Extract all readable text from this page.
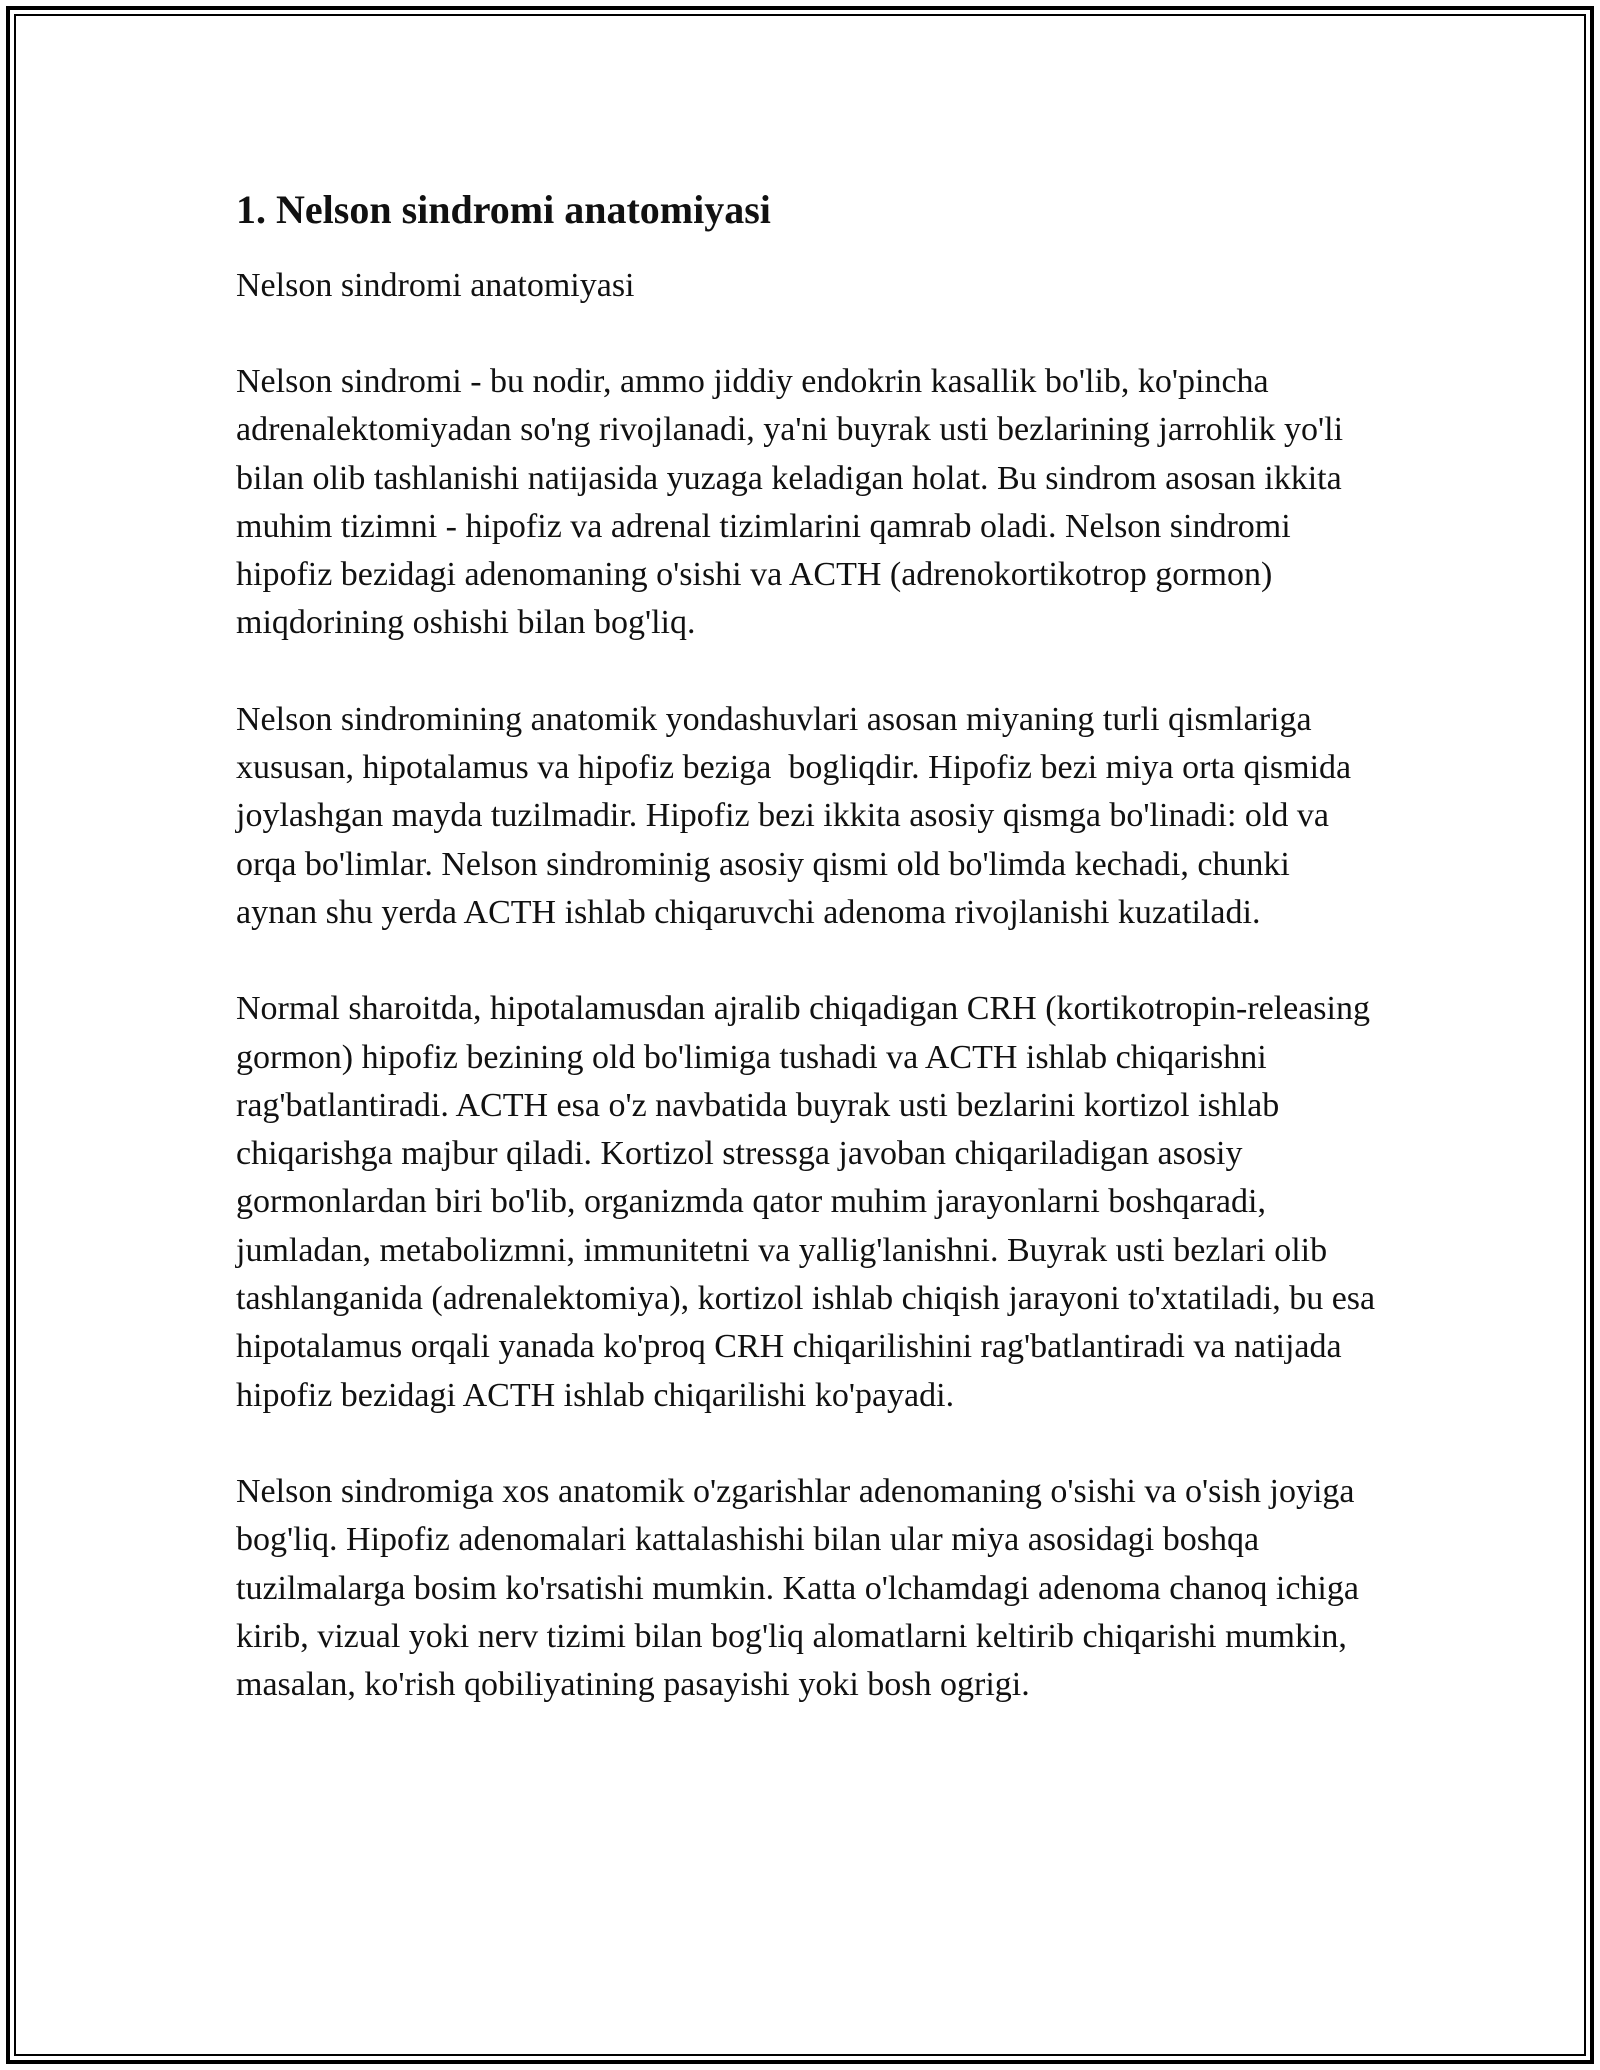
1. Nelson sindromi anatomiyasi

Nelson sindromi anatomiyasi

Nelson sindromi - bu nodir, ammo jiddiy endokrin kasallik bo'lib, ko'pincha adrenalektomiyadan so'ng rivojlanadi, ya'ni buyrak usti bezlarining jarrohlik yo'li bilan olib tashlanishi natijasida yuzaga keladigan holat. Bu sindrom asosan ikkita muhim tizimni - hipofiz va adrenal tizimlarini qamrab oladi. Nelson sindromi hipofiz bezidagi adenomaning o'sishi va ACTH (adrenokortikotrop gormon) miqdorining oshishi bilan bog'liq.

Nelson sindromining anatomik yondashuvlari asosan miyaning turli qismlariga  xususan, hipotalamus va hipofiz beziga  bogliqdir. Hipofiz bezi miya orta qismida joylashgan mayda tuzilmadir. Hipofiz bezi ikkita asosiy qismga bo'linadi: old va orqa bo'limlar. Nelson sindrominig asosiy qismi old bo'limda kechadi, chunki aynan shu yerda ACTH ishlab chiqaruvchi adenoma rivojlanishi kuzatiladi.

Normal sharoitda, hipotalamusdan ajralib chiqadigan CRH (kortikotropin-releasing gormon) hipofiz bezining old bo'limiga tushadi va ACTH ishlab chiqarishni rag'batlantiradi. ACTH esa o'z navbatida buyrak usti bezlarini kortizol ishlab chiqarishga majbur qiladi. Kortizol stressga javoban chiqariladigan asosiy gormonlardan biri bo'lib, organizmda qator muhim jarayonlarni boshqaradi, jumladan, metabolizmni, immunitetni va yallig'lanishni. Buyrak usti bezlari olib tashlanganida (adrenalektomiya), kortizol ishlab chiqish jarayoni to'xtatiladi, bu esa hipotalamus orqali yanada ko'proq CRH chiqarilishini rag'batlantiradi va natijada hipofiz bezidagi ACTH ishlab chiqarilishi ko'payadi.

Nelson sindromiga xos anatomik o'zgarishlar adenomaning o'sishi va o'sish joyiga bog'liq. Hipofiz adenomalari kattalashishi bilan ular miya asosidagi boshqa tuzilmalarga bosim ko'rsatishi mumkin. Katta o'lchamdagi adenoma chanoq ichiga kirib, vizual yoki nerv tizimi bilan bog'liq alomatlarni keltirib chiqarishi mumkin, masalan, ko'rish qobiliyatining pasayishi yoki bosh ogrigi.
